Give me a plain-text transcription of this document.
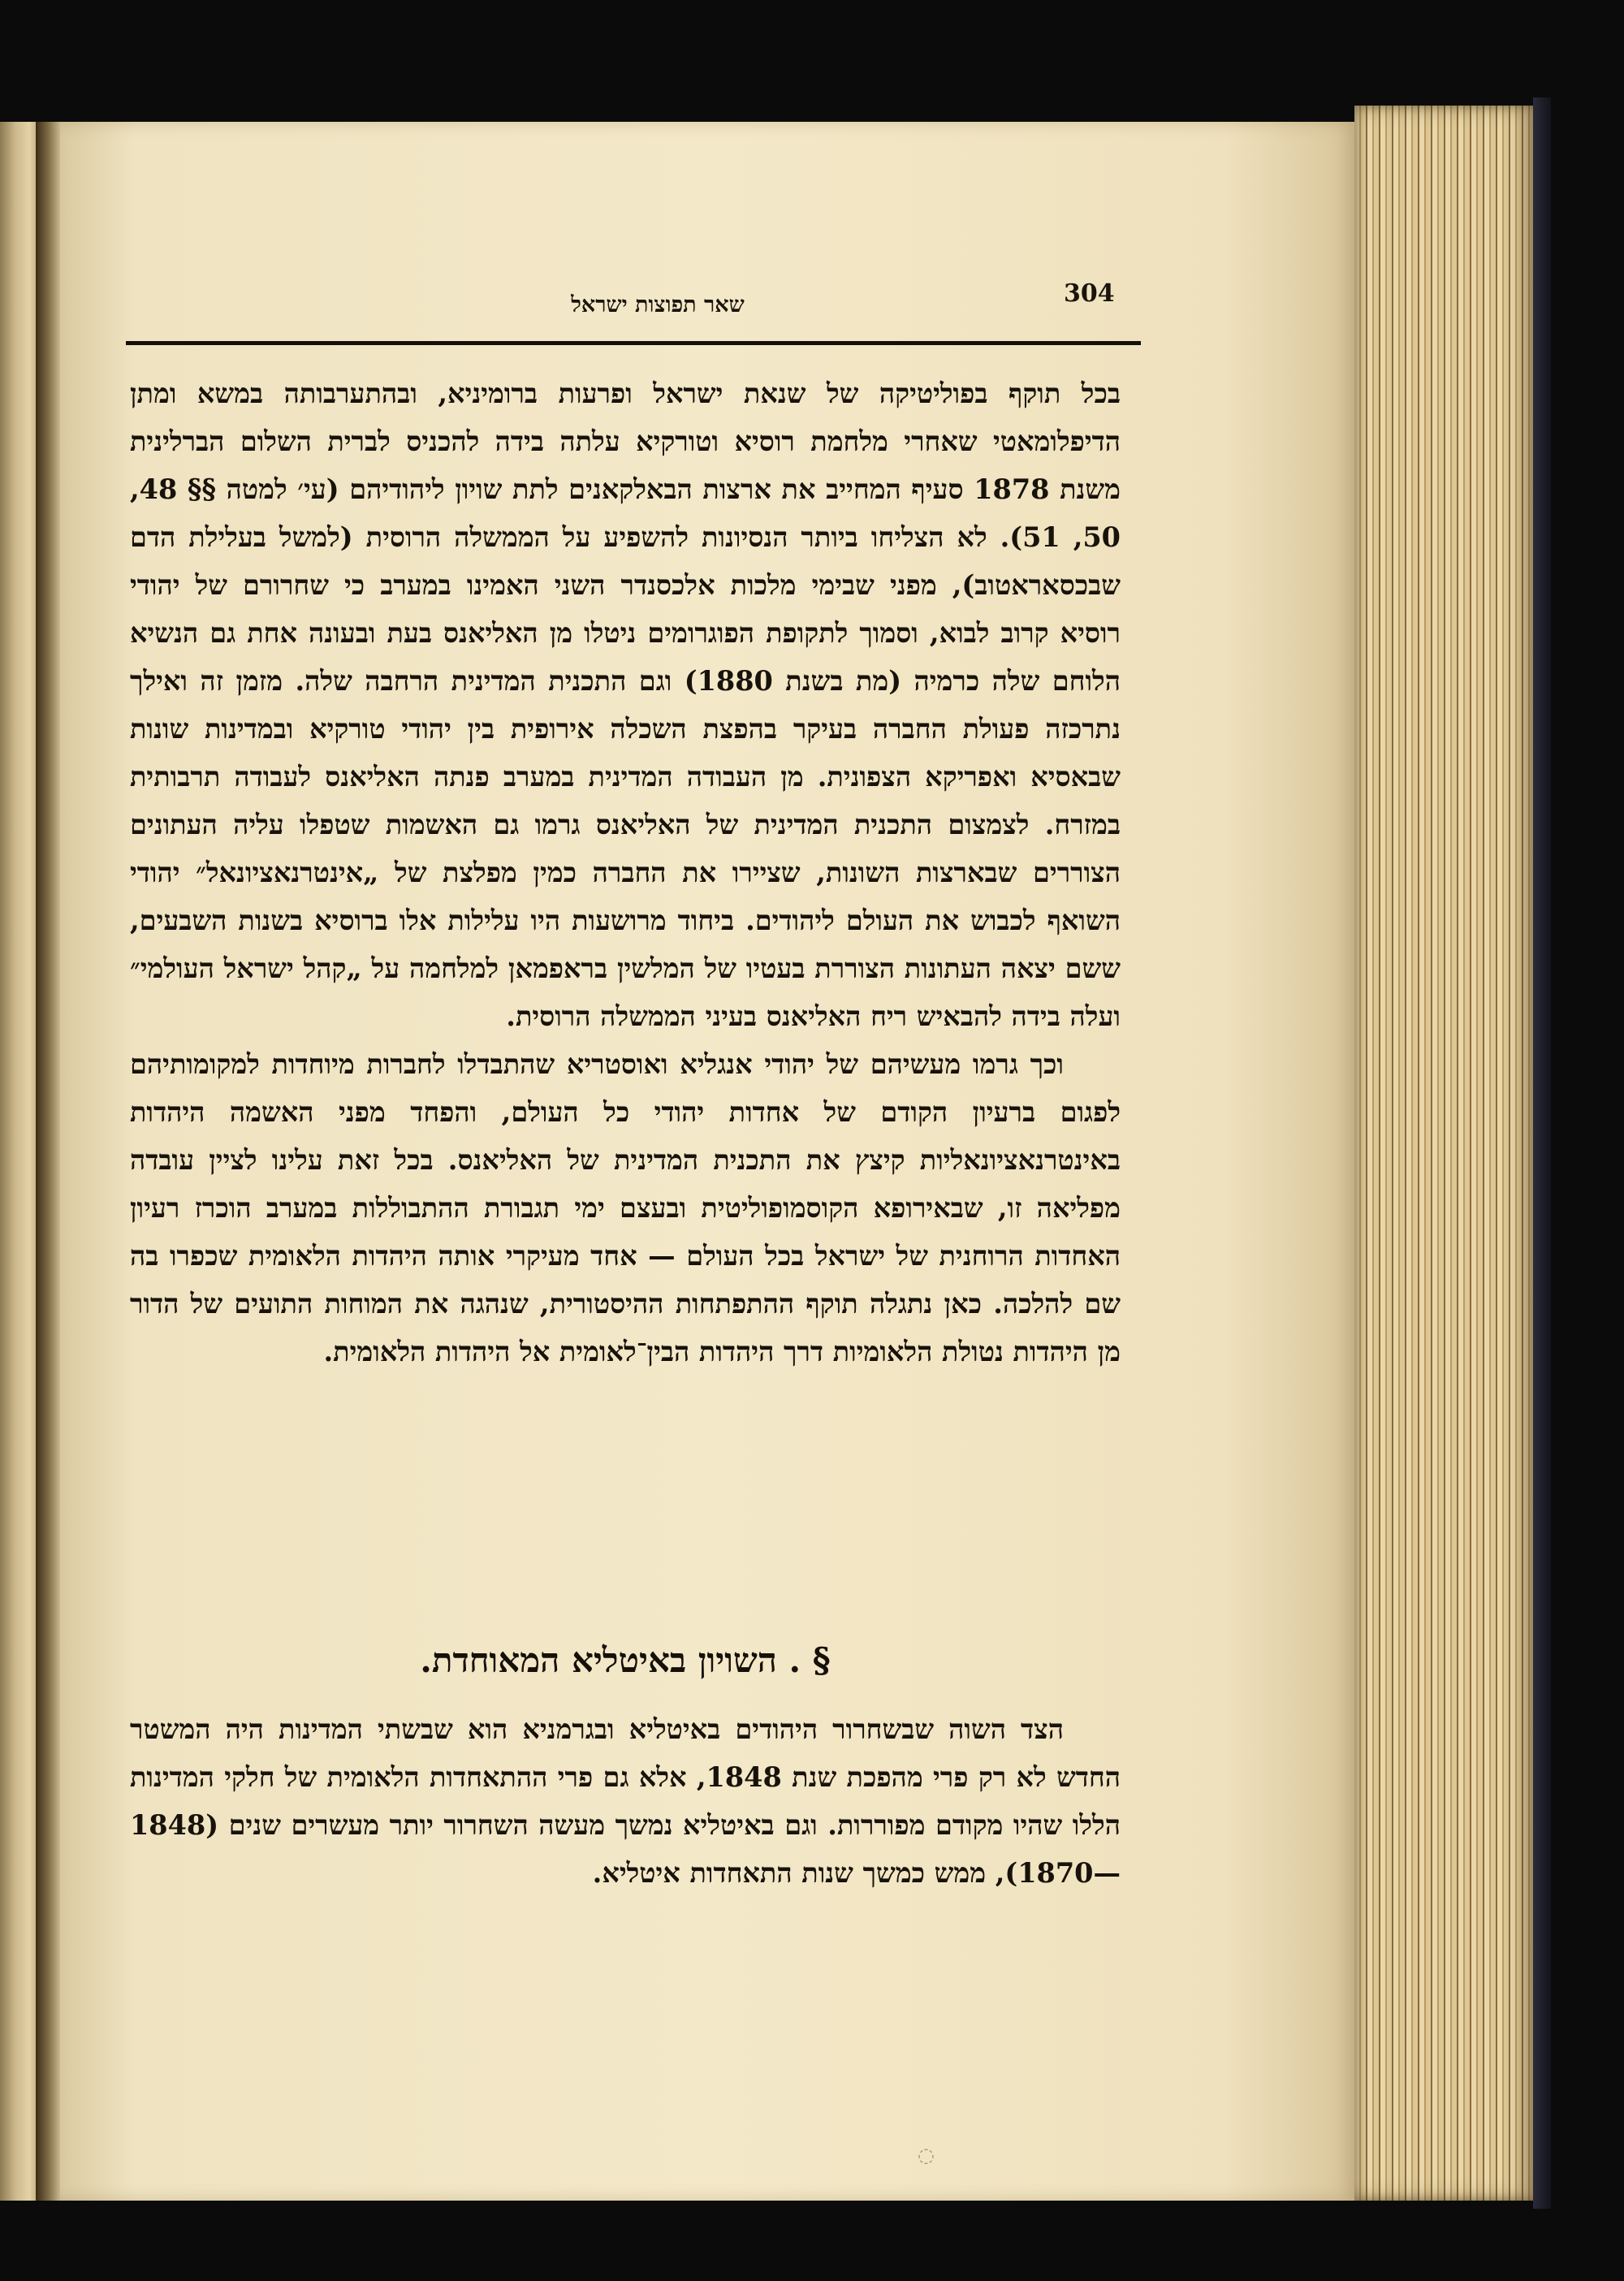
304
שאר תפוצות ישראל

בכל תוקף בפוליטיקה של שנאת ישראל ופרעות ברומיניא, ובהתערבותה במשא ומתן הדיפלומאטי שאחרי מלחמת רוסיא וטורקיא עלתה בידה להכניס לברית השלום הברלינית משנת 1878 סעיף המחייב את ארצות הבאלקאנים לתת שויון ליהודיהם (עי׳ למטה §§ 48, 50, 51). לא הצליחו ביותר הנסיונות להשפיע על הממשלה הרוסית (למשל בעלילת הדם שבכסאראטוב), מפני שבימי מלכות אלכסנדר השני האמינו במערב כי שחרורם של יהודי רוסיא קרוב לבוא, וסמוך לתקופת הפוגרומים ניטלו מן האליאנס בעת ובעונה אחת גם הנשיא הלוחם שלה כרמיה (מת בשנת 1880) וגם התכנית המדינית הרחבה שלה. מזמן זה ואילך נתרכזה פעולת החברה בעיקר בהפצת השכלה אירופית בין יהודי טורקיא ובמדינות שונות שבאסיא ואפריקא הצפונית. מן העבודה המדינית במערב פנתה האליאנס לעבודה תרבותית במזרח. לצמצום התכנית המדינית של האליאנס גרמו גם האשמות שטפלו עליה העתונים הצוררים שבארצות השונות, שציירו את החברה כמין מפלצת של „אינטרנאציונאל״ יהודי השואף לכבוש את העולם ליהודים. ביחוד מרושעות היו עלילות אלו ברוסיא בשנות השבעים, ששם יצאה העתונות הצוררת בעטיו של המלשין בראפמאן למלחמה על „קהל ישראל העולמי״ ועלה בידה להבאיש ריח האליאנס בעיני הממשלה הרוסית.

וכך גרמו מעשיהם של יהודי אנגליא ואוסטריא שהתבדלו לחברות מיוחדות למקומותיהם לפגום ברעיון הקודם של אחדות יהודי כל העולם, והפחד מפני האשמה היהדות באינטרנאציונאליות קיצץ את התכנית המדינית של האליאנס. בכל זאת עלינו לציין עובדה מפליאה זו, שבאירופא הקוסמופוליטית ובעצם ימי תגבורת ההתבוללות במערב הוכרז רעיון האחדות הרוחנית של ישראל בכל העולם — אחד מעיקרי אותה היהדות הלאומית שכפרו בה שם להלכה. כאן נתגלה תוקף ההתפתחות ההיסטורית, שנהגה את המוחות התועים של הדור מן היהדות נטולת הלאומיות דרך היהדות הבין־לאומית אל היהדות הלאומית.

§ . השויון באיטליא המאוחדת.

הצד השוה שבשחרור היהודים באיטליא ובגרמניא הוא שבשתי המדינות היה המשטר החדש לא רק פרי מהפכת שנת 1848, אלא גם פרי ההתאחדות הלאומית של חלקי המדינות הללו שהיו מקודם מפוררות. וגם באיטליא נמשך מעשה השחרור יותר מעשרים שנים (1848—1870), ממש כמשך שנות התאחדות איטליא.

◌
